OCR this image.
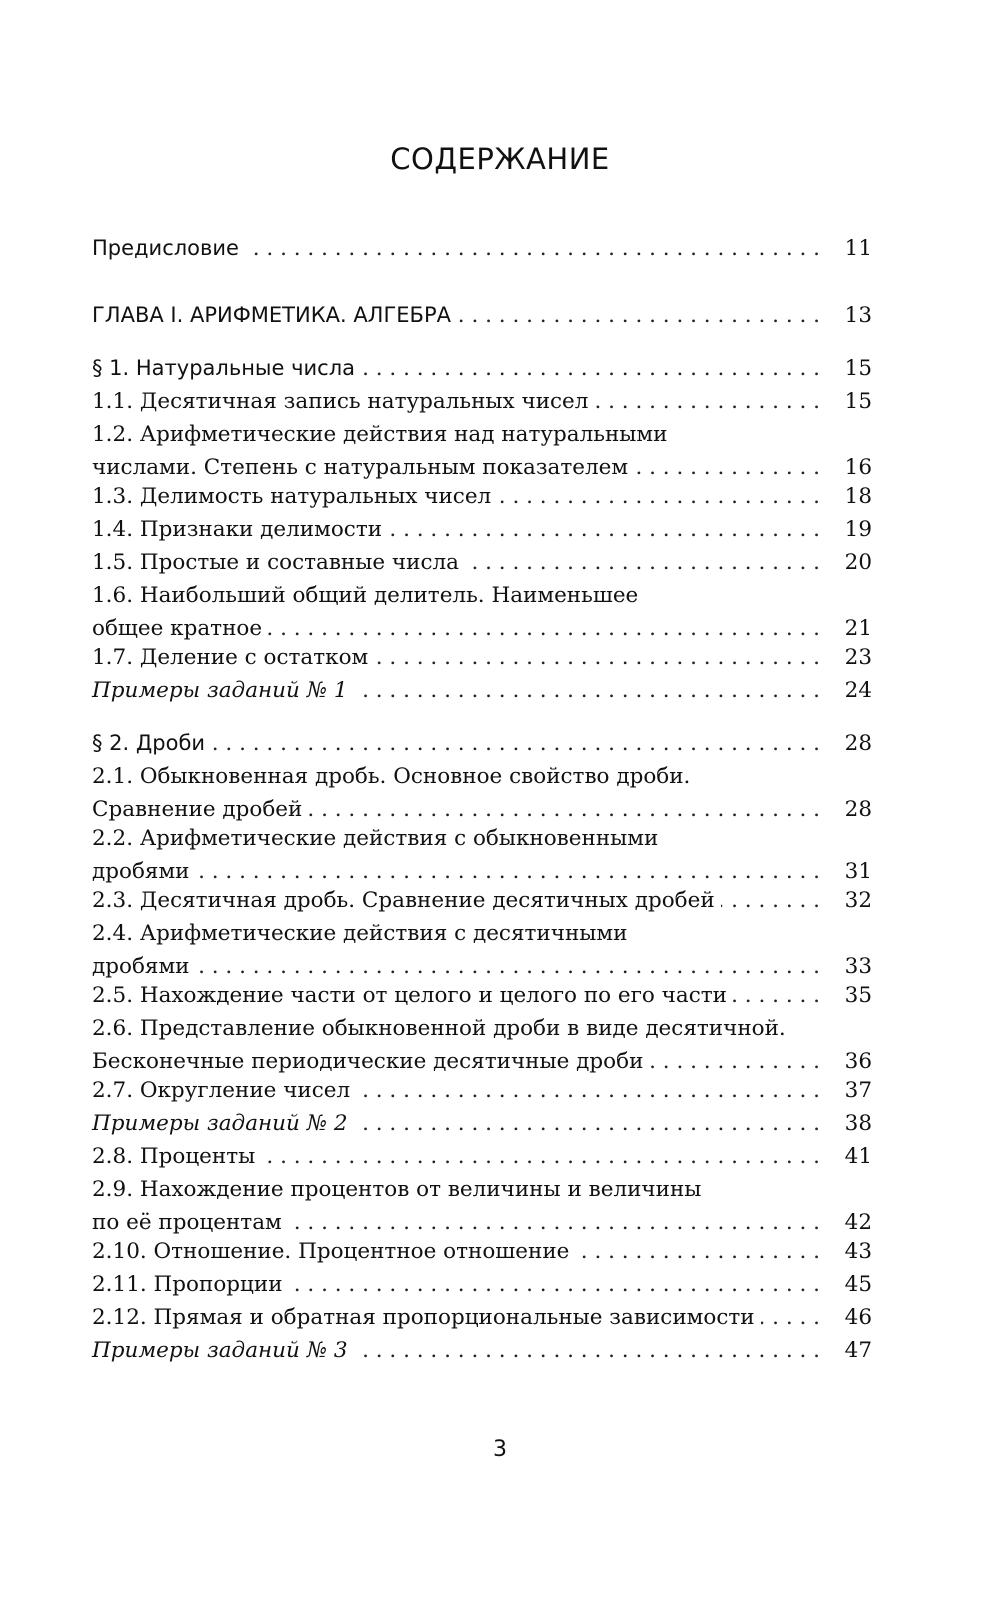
СОДЕРЖАНИЕ
Предисловие . . .	11
ГЛАВА I. АРИФМЕТИКА. АЛГЕБРА . . .	13
§ 1. Натуральные числа . . .	15
1.1. Десятичная запись натуральных чисел . . .	15
1.2. Арифметические действия над натуральными
числами. Степень с натуральным показателем . . .	16
1.3. Делимость натуральных чисел . . .	18
1.4. Признаки делимости . . .	19
1.5. Простые и составные числа . . .	20
1.6. Наибольший общий делитель. Наименьшее
общее кратное . . .	21
1.7. Деление с остатком . . .	23
Примеры заданий № 1 . . .	24
§ 2. Дроби . . .	28
2.1. Обыкновенная дробь. Основное свойство дроби.
Сравнение дробей . . .	28
2.2. Арифметические действия с обыкновенными
дробями . . .	31
2.3. Десятичная дробь. Сравнение десятичных дробей . . .	32
2.4. Арифметические действия с десятичными
дробями . . .	33
2.5. Нахождение части от целого и целого по его части . . .	35
2.6. Представление обыкновенной дроби в виде десятичной.
Бесконечные периодические десятичные дроби . . .	36
2.7. Округление чисел . . .	37
Примеры заданий № 2 . . .	38
2.8. Проценты . . .	41
2.9. Нахождение процентов от величины и величины
по её процентам . . .	42
2.10. Отношение. Процентное отношение . . .	43
2.11. Пропорции . . .	45
2.12. Прямая и обратная пропорциональные зависимости . . .	46
Примеры заданий № 3 . . .	47
3
